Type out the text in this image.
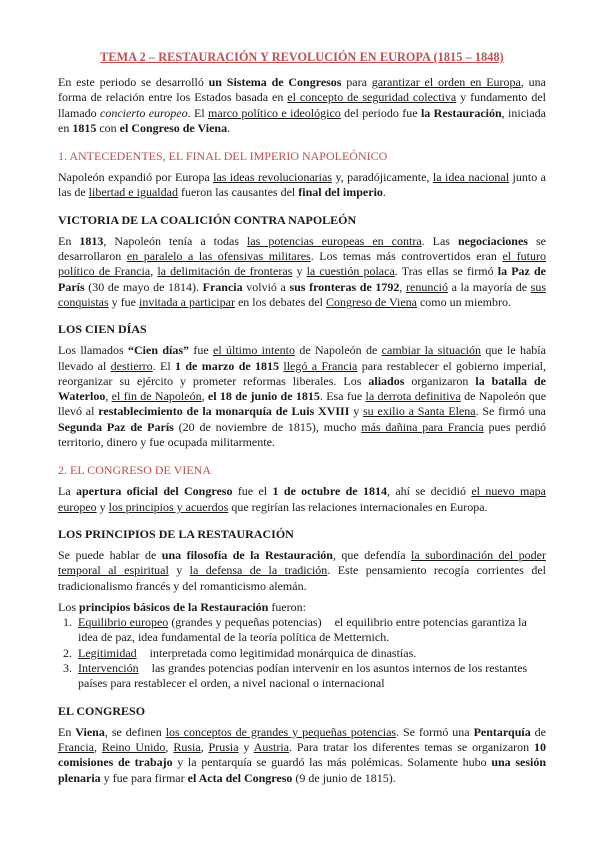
TEMA 2 – RESTAURACIÓN Y REVOLUCIÓN EN EUROPA (1815 – 1848)

En este periodo se desarrolló un Sistema de Congresos para garantizar el orden en Europa, una forma de relación entre los Estados basada en el concepto de seguridad colectiva y fundamento del llamado concierto europeo. El marco político e ideológico del periodo fue la Restauración, iniciada en 1815 con el Congreso de Viena.

1. ANTECEDENTES, EL FINAL DEL IMPERIO NAPOLEÓNICO

Napoleón expandió por Europa las ideas revolucionarias y, paradójicamente, la idea nacional junto a las de libertad e igualdad fueron las causantes del final del imperio.

VICTORIA DE LA COALICIÓN CONTRA NAPOLEÓN

En 1813, Napoleón tenía a todas las potencias europeas en contra. Las negociaciones se desarrollaron en paralelo a las ofensivas militares. Los temas más controvertidos eran el futuro político de Francia, la delimitación de fronteras y la cuestión polaca. Tras ellas se firmó la Paz de París (30 de mayo de 1814). Francia volvió a sus fronteras de 1792, renunció a la mayoría de sus conquistas y fue invitada a participar en los debates del Congreso de Viena como un miembro.

LOS CIEN DÍAS

Los llamados “Cien días” fue el último intento de Napoleón de cambiar la situación que le había llevado al destierro. El 1 de marzo de 1815 llegó a Francia para restablecer el gobierno imperial, reorganizar su ejército y prometer reformas liberales. Los aliados organizaron la batalla de Waterloo, el fin de Napoleón, el 18 de junio de 1815. Esa fue la derrota definitiva de Napoleón que llevó al restablecimiento de la monarquía de Luis XVIII y su exilio a Santa Elena. Se firmó una Segunda Paz de París (20 de noviembre de 1815), mucho más dañina para Francia pues perdió territorio, dinero y fue ocupada militarmente.

2. EL CONGRESO DE VIENA

La apertura oficial del Congreso fue el 1 de octubre de 1814, ahí se decidió el nuevo mapa europeo y los principios y acuerdos que regirían las relaciones internacionales en Europa.

LOS PRINCIPIOS DE LA RESTAURACIÓN

Se puede hablar de una filosofía de la Restauración, que defendía la subordinación del poder temporal al espiritual y la defensa de la tradición. Este pensamiento recogía corrientes del tradicionalismo francés y del romanticismo alemán.

Los principios básicos de la Restauración fueron:

1. Equilibrio europeo (grandes y pequeñas potencias) el equilibrio entre potencias garantiza la idea de paz, idea fundamental de la teoría política de Metternich.
2. Legitimidad interpretada como legitimidad monárquica de dinastías.
3. Intervención las grandes potencias podían intervenir en los asuntos internos de los restantes países para restablecer el orden, a nivel nacional o internacional
EL CONGRESO

En Viena, se definen los conceptos de grandes y pequeñas potencias. Se formó una Pentarquía de Francia, Reino Unido, Rusia, Prusia y Austria. Para tratar los diferentes temas se organizaron 10 comisiones de trabajo y la pentarquía se guardó las más polémicas. Solamente hubo una sesión plenaria y fue para firmar el Acta del Congreso (9 de junio de 1815).
